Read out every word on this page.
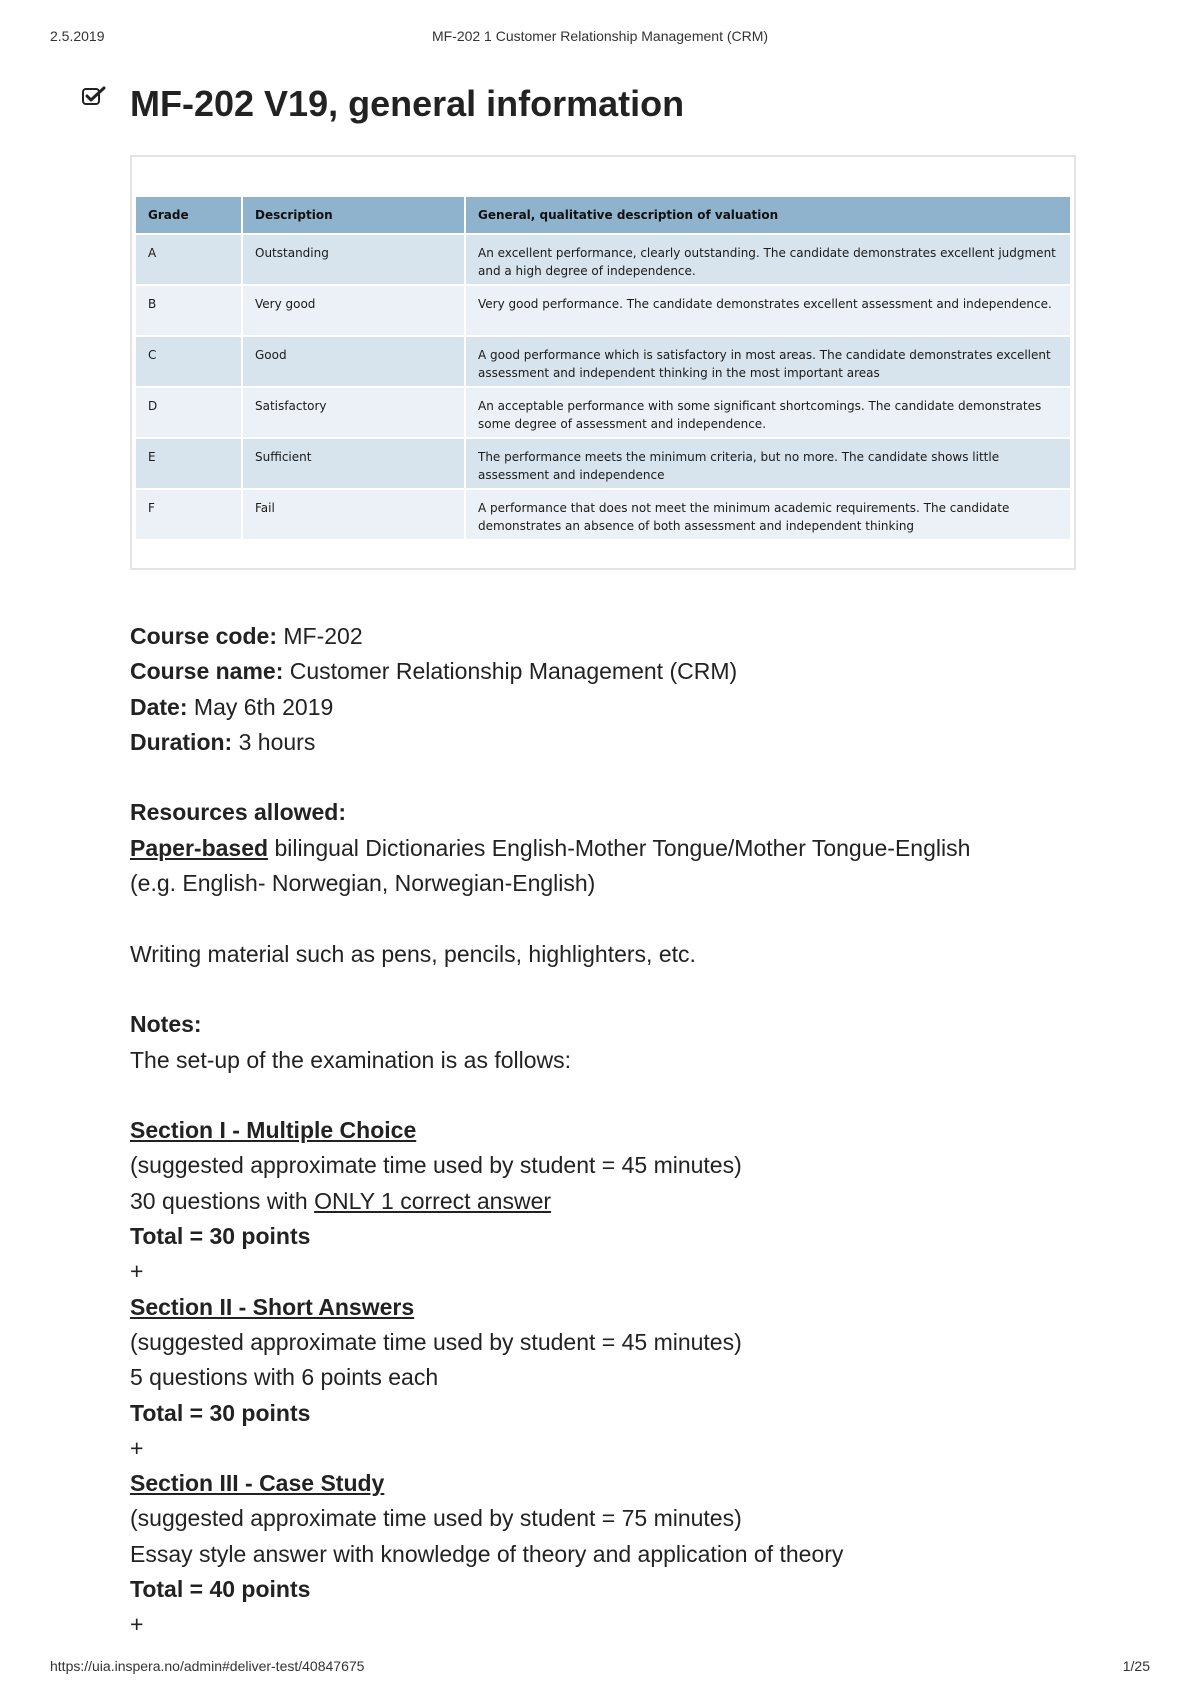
2.5.2019	MF-202 1 Customer Relationship Management (CRM)
MF-202 V19, general information
Grade	Description	General, qualitative description of valuation
A	Outstanding	An excellent performance, clearly outstanding. The candidate demonstrates excellent judgment and a high degree of independence.
B	Very good	Very good performance. The candidate demonstrates excellent assessment and independence.
C	Good	A good performance which is satisfactory in most areas. The candidate demonstrates excellent assessment and independent thinking in the most important areas
D	Satisfactory	An acceptable performance with some significant shortcomings. The candidate demonstrates some degree of assessment and independence.
E	Sufficient	The performance meets the minimum criteria, but no more. The candidate shows little assessment and independence
F	Fail	A performance that does not meet the minimum academic requirements. The candidate demonstrates an absence of both assessment and independent thinking
Course code: MF-202
Course name: Customer Relationship Management (CRM)
Date: May 6th 2019
Duration: 3 hours
Resources allowed:
Paper-based bilingual Dictionaries English-Mother Tongue/Mother Tongue-English
(e.g. English- Norwegian, Norwegian-English)
Writing material such as pens, pencils, highlighters, etc.
Notes:
The set-up of the examination is as follows:
Section I - Multiple Choice
(suggested approximate time used by student = 45 minutes)
30 questions with ONLY 1 correct answer
Total = 30 points
+
Section II - Short Answers
(suggested approximate time used by student = 45 minutes)
5 questions with 6 points each
Total = 30 points
+
Section III - Case Study
(suggested approximate time used by student = 75 minutes)
Essay style answer with knowledge of theory and application of theory
Total = 40 points
+
https://uia.inspera.no/admin#deliver-test/40847675	1/25
